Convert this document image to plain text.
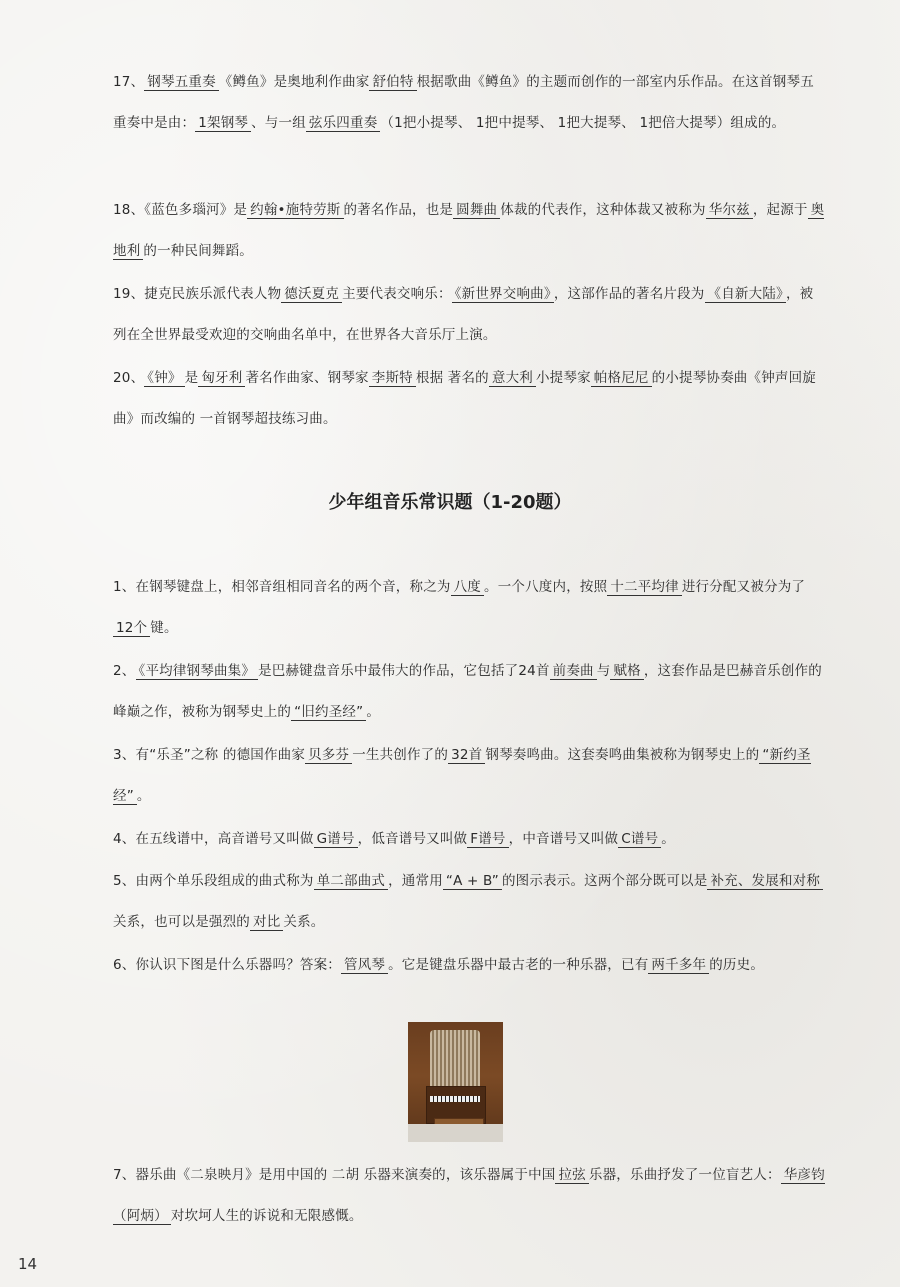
少年组音乐常识题（1-20题）

17、 钢琴五重奏 《鳟鱼》是奥地利作曲家 舒伯特 根据歌曲《鳟鱼》的主题而创作的一部室内乐作品。在这首钢琴五重奏中是由： 1架钢琴 、与一组 弦乐四重奏 （1把小提琴、 1把中提琴、 1把大提琴、 1把倍大提琴）组成的。

18、《蓝色多瑙河》是 约翰•施特劳斯 的著名作品，也是 圆舞曲 体裁的代表作，这种体裁又被称为 华尔兹 ，起源于 奥地利 的一种民间舞蹈。

19、捷克民族乐派代表人物 德沃夏克 主要代表交响乐： 《新世界交响曲》 ，这部作品的著名片段为 《自新大陆》 ，被列在全世界最受欢迎的交响曲名单中，在世界各大音乐厅上演。

20、 《钟》 是 匈牙利 著名作曲家、钢琴家 李斯特 根据 著名的 意大利 小提琴家 帕格尼尼 的小提琴协奏曲《钟声回旋曲》而改编的 一首钢琴超技练习曲。

1、在钢琴键盘上，相邻音组相同音名的两个音，称之为 八度 。一个八度内，按照 十二平均律 进行分配又被分为了12个 键。

2、 《平均律钢琴曲集》 是巴赫键盘音乐中最伟大的作品，它包括了24首 前奏曲 与 赋格 ，这套作品是巴赫音乐创作的峰巅之作，被称为钢琴史上的 “旧约圣经” 。

3、有“乐圣”之称 的德国作曲家 贝多芬 一生共创作了的 32首 钢琴奏鸣曲。这套奏鸣曲集被称为钢琴史上的 “新约圣经” 。

4、在五线谱中，高音谱号又叫做 G谱号 ，低音谱号又叫做 F谱号 ，中音谱号又叫做 C谱号 。

5、由两个单乐段组成的曲式称为 单二部曲式 ，通常用 “A + B” 的图示表示。这两个部分既可以是 补充、发展和对称关系，也可以是强烈的 对比 关系。

6、你认识下图是什么乐器吗？答案： 管风琴 。它是键盘乐器中最古老的一种乐器，已有 两千多年 的历史。

7、器乐曲《二泉映月》是用中国的 二胡 乐器来演奏的，该乐器属于中国 拉弦 乐器，乐曲抒发了一位盲艺人： 华彦钧（阿炳） 对坎坷人生的诉说和无限感慨。

14
